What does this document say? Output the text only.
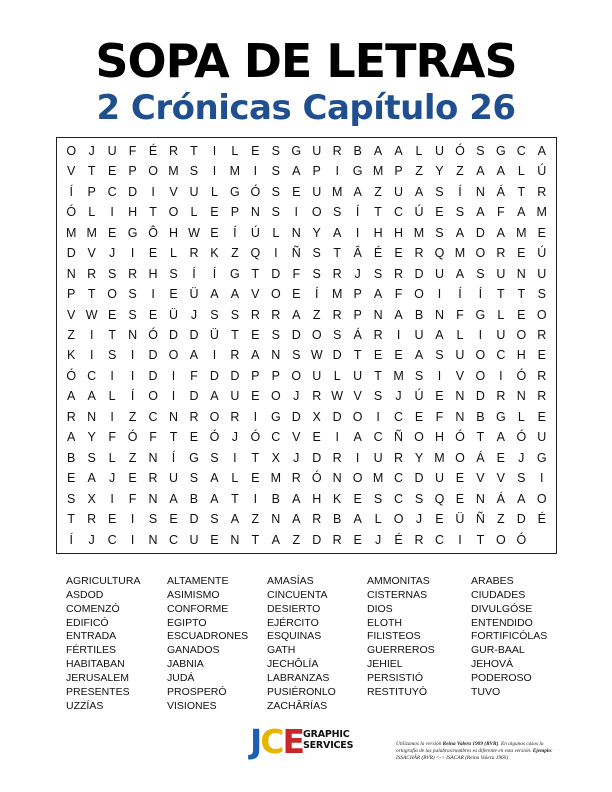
SOPA DE LETRAS
2 Crónicas Capítulo 26
O J	U F É R T	I	L	E S G U R B A A	L U Ó S G C A
V T E P O M S	I	M	I	S A P	I	G M P Z Y Z A A	L Ú
Í	P C D	I	V U L G Ó S E U M A Z U A S	Í	N Á T R
Ó L	I	H T O L	E P N S	I	O S	Í	T C Ú E S A F A M
M M E G Ô H W E	Í	Ú L N Y A	I	H H M S A D A M E
D V	J	I	E	L R K Z Q	I	Ñ S T Â É E R Q M O R E Ú
N R S R H S	Í	Í	G T D F S R	J	S R D U A S U N U
P T O S	I	E Ü A A V O E	Í	M P A F O	I	Í	Í	T	T S
V W E S E Ü	J	S S R R A Z R P N A B N F G L	E O
Z	I	T N Ó D D Ü T E S D O S Á R	I	U A	L	I	U O R
K	I	S	I	D O A	I	R A N S W D T E E A S U O C H E
Ó C	I	I	D	I	F D D P P O U L U T M S	I	V O	I	Ó R
A A	L	Í	O	I	D A U E O J	R W V S	J	Ú E N D R N R
R N	I	Z C N R O R	I	G D X D O	I	C E F N B G L	E
A Y F Ó F	T E Ó J Ó C V E	I	A C Ñ O H Ó T A Ó U
B S	L	Z N	Í	G S	I	T X	J	D R	I	U R Y M O Á E	J G
E A	J	E R U S A	L	E M R Ó N O M C D U E V V S	I
S X	I	F N A B A T	I	B A H K E S C S Q E N Á A O
T R E	I	S E D S A Z N A R B A	L O J	E Ü Ñ Z D É
Í	J	C	I	N C U E N T A Z D R E	J	É R C	I	T O Ó
AGRICULTURA
ASDOD
COMENZÓ
EDIFICÓ
ENTRADA
FÉRTILES
HABITABAN
JERUSALEM
PRESENTES
UZZÍAS
ALTAMENTE
ASIMISMO
CONFORME
EGIPTO
ESCUADRONES
GANADOS
JABNIA
JUDÁ
PROSPERÓ
VISIONES
AMASÍAS
CINCUENTA
DESIERTO
EJÉRCITO
ESQUINAS
GATH
JECHÔLÍA
LABRANZAS
PUSIÉRONLO
ZACHÂRÍAS
AMMONITAS
CISTERNAS
DIOS
ELOTH
FILISTEOS
GUERREROS
JEHIEL
PERSISTIÓ
RESTITUYÓ
ARABES
CIUDADES
DIVULGÓSE
ENTENDIDO
FORTIFICÓLAS
GUR-BAAL
JEHOVÁ
PODEROSO
TUVO
JCE GRAPHIC
SERVICES	Utilizamos la versión Reina Valera 1909 (RVR). En algunos casos la ortografía de las palabras/nombres es diferente en esta versión. Ejemplo: ISSACHÂR (RVR) <-> ISACAR (Reina Valera 1960)
